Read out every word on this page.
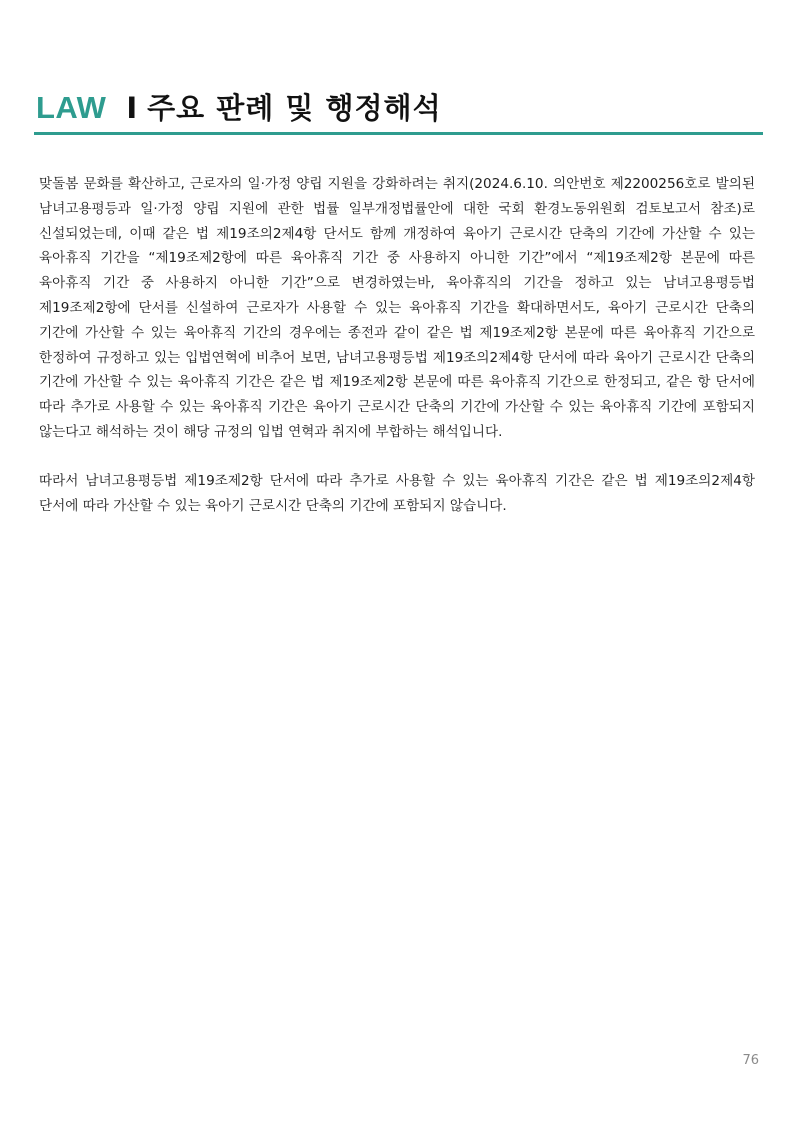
LAW I 주요 판례 및 행정해석

맞돌봄 문화를 확산하고, 근로자의 일·가정 양립 지원을 강화하려는 취지(2024.6.10. 의안번호 제2200256호로 발의된 남녀고용평등과 일·가정 양립 지원에 관한 법률 일부개정법률안에 대한 국회 환경노동위원회 검토보고서 참조)로 신설되었는데, 이때 같은 법 제19조의2제4항 단서도 함께 개정하여 육아기 근로시간 단축의 기간에 가산할 수 있는 육아휴직 기간을 “제19조제2항에 따른 육아휴직 기간 중 사용하지 아니한 기간”에서 “제19조제2항 본문에 따른 육아휴직 기간 중 사용하지 아니한 기간”으로 변경하였는바, 육아휴직의 기간을 정하고 있는 남녀고용평등법 제19조제2항에 단서를 신설하여 근로자가 사용할 수 있는 육아휴직 기간을 확대하면서도, 육아기 근로시간 단축의 기간에 가산할 수 있는 육아휴직 기간의 경우에는 종전과 같이 같은 법 제19조제2항 본문에 따른 육아휴직 기간으로 한정하여 규정하고 있는 입법연혁에 비추어 보면, 남녀고용평등법 제19조의2제4항 단서에 따라 육아기 근로시간 단축의 기간에 가산할 수 있는 육아휴직 기간은 같은 법 제19조제2항 본문에 따른 육아휴직 기간으로 한정되고, 같은 항 단서에 따라 추가로 사용할 수 있는 육아휴직 기간은 육아기 근로시간 단축의 기간에 가산할 수 있는 육아휴직 기간에 포함되지 않는다고 해석하는 것이 해당 규정의 입법 연혁과 취지에 부합하는 해석입니다.

따라서 남녀고용평등법 제19조제2항 단서에 따라 추가로 사용할 수 있는 육아휴직 기간은 같은 법 제19조의2제4항 단서에 따라 가산할 수 있는 육아기 근로시간 단축의 기간에 포함되지 않습니다.

76
